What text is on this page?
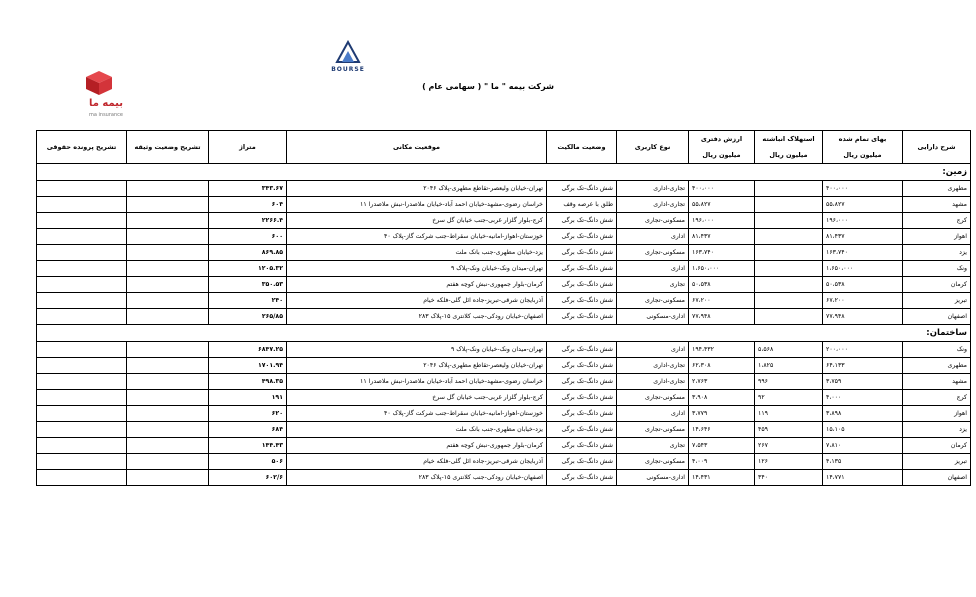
بیمه ما
ma insurance
BOURSE
شرکت بیمه " ما " ( سهامی عام )
شرح دارایی	بهای تمام شده	استهلاک انباشته	ارزش دفتری	نوع کاربری	وضعیت مالکیت	موقعیت مکانی	متراژ	تشریح وضعیت وثیقه	تشریح پرونده حقوقی
	میلیون ریال	میلیون ریال	میلیون ریال						
زمین:									
مطهری	۴۰۰،۰۰۰		۴۰۰،۰۰۰	تجاری-اداری	شش دانگ-تک برگی	تهران-خیابان ولیعصر-تقاطع مطهری-پلاک ۲۰۴۶	۳۴۳.۶۷		
مشهد	۵۵،۸۲۷		۵۵،۸۲۷	تجاری-اداری	طلق با عرصه وقف	خراسان رضوی-مشهد-خیابان احمد آباد-خیابان ملاصدرا-نبش ملاصدرا ۱۱	۶۰۴		
کرج	۱۹۶،۰۰۰		۱۹۶،۰۰۰	مسکونی-تجاری	شش دانگ-تک برگی	کرج-بلوار گلزار غربی-جنب خیابان گل سرخ	۲۲۶۶.۴		
اهواز	۸۱،۴۳۷		۸۱،۴۳۷	اداری	شش دانگ-تک برگی	خوزستان-اهواز-امانیه-خیابان سقراط-جنب شرکت گاز-پلاک ۴۰	۶۰۰		
یزد	۱۶۳،۷۴۰		۱۶۳،۷۴۰	مسکونی-تجاری	شش دانگ-تک برگی	یزد-خیابان مطهری-جنب بانک ملت	۸۶۹.۸۵		
ونک	۱،۶۵۰،۰۰۰		۱،۶۵۰،۰۰۰	اداری	شش دانگ-تک برگی	تهران-میدان ونک-خیابان ونک-پلاک ۹	۱۲۰۵.۳۲		
کرمان	۵۰،۵۳۸		۵۰،۵۳۸	تجاری	شش دانگ-تک برگی	کرمان-بلوار جمهوری-نبش کوچه هفتم	۳۵۰.۵۳		
تبریز	۶۷،۲۰۰		۶۷،۲۰۰	مسکونی-تجاری	شش دانگ-تک برگی	آذربایجان شرقی-تبریز-جاده ائل گلی-فلکه خیام	۲۴۰		
اصفهان	۷۷،۹۴۸		۷۷،۹۴۸	اداری-مسکونی	شش دانگ-تک برگی	اصفهان-خیابان رودکی-جنب کلانتری ۱۵-پلاک ۲۸۳	۲۶۵/۸۵		
ساختمان:									
ونک	۲۰۰،۰۰۰	۵،۵۶۸	۱۹۴،۴۳۲	اداری	شش دانگ-تک برگی	تهران-میدان ونک-خیابان ونک-پلاک ۹	۶۸۴۷.۲۵		
مطهری	۶۴،۱۳۳	۱،۸۲۵	۶۲،۳۰۸	تجاری-اداری	شش دانگ-تک برگی	تهران-خیابان ولیعصر-تقاطع مطهری-پلاک ۲۰۴۶	۱۷۰۱.۹۴		
مشهد	۳،۷۵۹	۹۹۶	۲،۷۶۳	تجاری-اداری	شش دانگ-تک برگی	خراسان رضوی-مشهد-خیابان احمد آباد-خیابان ملاصدرا-نبش ملاصدرا ۱۱	۴۹۸.۳۵		
کرج	۴،۰۰۰	۹۲	۳،۹۰۸	مسکونی-تجاری	شش دانگ-تک برگی	کرج-بلوار گلزار غربی-جنب خیابان گل سرخ	۱۹۱		
اهواز	۳،۸۹۸	۱۱۹	۳،۷۷۹	اداری	شش دانگ-تک برگی	خوزستان-اهواز-امانیه-خیابان سقراط-جنب شرکت گاز-پلاک ۴۰	۶۲۰		
یزد	۱۵،۱۰۵	۴۵۹	۱۴،۶۴۶	مسکونی-تجاری	شش دانگ-تک برگی	یزد-خیابان مطهری-جنب بانک ملت	۶۸۴		
کرمان	۷،۸۱۰	۲۶۷	۷،۵۴۳	تجاری	شش دانگ-تک برگی	کرمان-بلوار جمهوری-نبش کوچه هفتم	۱۴۴.۴۳		
تبریز	۴،۱۳۵	۱۲۶	۴،۰۰۹	مسکونی-تجاری	شش دانگ-تک برگی	آذربایجان شرقی-تبریز-جاده ائل گلی-فلکه خیام	۵۰۶		
اصفهان	۱۴،۷۷۱	۳۴۰	۱۴،۴۳۱	اداری-مسکونی	شش دانگ-تک برگی	اصفهان-خیابان رودکی-جنب کلانتری ۱۵-پلاک ۲۸۳	۶۰۲/۶		
